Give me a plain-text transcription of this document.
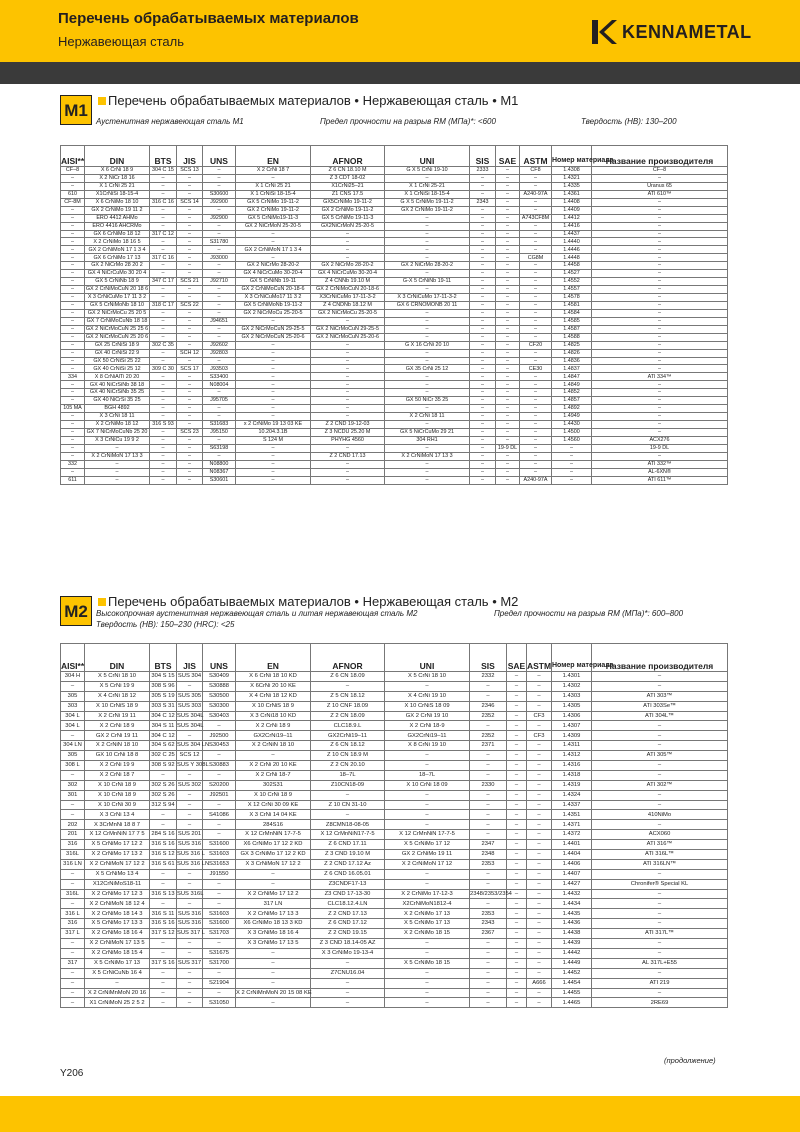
Перечень обрабатываемых материалов
Нержавеющая сталь	KENNAMETAL
M1
Перечень обрабатываемых материалов • Нержавеющая сталь • M1
Аустенитная нержавеющая сталь M1	Предел прочности на разрыв RM (МПа)*: <600	Твердость (HB): 130–200
AISI**	DIN	BTS	JIS	UNS	EN	AFNOR	UNI	SIS	SAE	ASTM	Номер материала	Название производителя
CF–8	X 6 CrNi 18 9	304 C 15	SCS 13	–	X 2 CrNi 18 7	Z 6 CN 18.10 M	G X 5 CrNi 19-10	2333	–	CF8	1.4308	CF–8
–	X 2 NiCr 18 16	–	–	–	–	Z 3 CDT 18-02	–	–	–	–	1.4321	–
–	X 1 CrNi 25 21	–	–	–	X 1 CrNi 25 21	X1CrNi25–21	X 1 CrNi 25-21	–	–	–	1.4335	Uranus 65
610	X1CrNiSi 18-15-4	–	–	S30600	X 1 CrNiSi 18-15-4	Z1 CNS 17.5	X 1 CrNiSi 18-15-4	–	–	A240-97A	1.4361	ATI 610™
CF-8M	X 6 CrNiMo 18 10	316 C 16	SCS 14	J92900	GX 5 CrNiMo 19-11-2	GX5CrNiMo 19-11-2	G X 5 CrNiMo 19-11-2	2343	–	–	1.4408	–
–	GX 2 CrNiMo 19 11 2	–	–	–	GX 2 CrNiMo 19-11-2	GX 2 CrNiMo 19-11-2	GX 2 CrNiMo 19-11-2	–	–	–	1.4409	–
–	ERO 4412 AHMo	–	–	J92900	GX 5 CrNiMo19-11-3	GX 5 CrNiMo 19-11-3	–	–	–	A743CF8M	1.4412	–
–	ERO 4416 AHCRMo	–	–	–	GX 2 NiCrMoN 25-20-5	GX2NiCrMoN 25-20-5	–	–	–	–	1.4416	–
–	GX 6 CrNiMo 18 12	317 C 12	–	–	–	–	–	–	–	–	1.4437	–
–	X 2 CrNiMo 18 16 5	–	–	S31780	–	–	–	–	–	–	1.4440	–
–	GX 2 CrNiMoN 17 1 3 4	–	–	–	GX 2 CrNiMoN 17 1 3 4	–	–	–	–	–	1.4446	–
–	GX 6 CrNiMo 17 13	317 C 16	–	J93000	–	–	–	–	–	CG8M	1.4448	–
–	GX 2 NiCrMo 28 20 2	–	–	–	GX 2 NiCrMo 28-20-2	GX 2 NiCrMo 28-20-2	GX 2 NiCrMo 28-20-2	–	–	–	1.4458	–
–	GX 4 NiCrCuMo 30 20 4	–	–	–	GX 4 NiCrCuMo 30-20-4	GX 4 NiCrCuMo 30-20-4	–	–	–	–	1.4527	–
–	GX 5 CrNiNb 18 9	347 C 17	SCS 21	J92710	GX 5 CrNiNb 19-11	Z 4 CNNb 19.10 M	G-X 5 CrNiNb 19-11	–	–	–	1.4552	–
–	GX 2 CrNiMoCuN 20 18 6	–	–	–	GX 2 CrNiMoCuN 20-18-6	GX 2 CrNiMoCuN 20-18-6	–	–	–	–	1.4557	–
–	X 3 CrNiCuMo 17 11 3 2	–	–	–	X 3 CrNiCuMo17 11 3 2	X3CrNiCuMo 17-11-3-2	X 3 CrNiCuMo 17-11-3-2	–	–	–	1.4578	–
–	GX 5 CrNiMoNb 18 10	318 C 17	SCS 22	–	GX 5 CrNiMoNb 19-11-2	Z 4 CNDNb 18.12 M	GX 6 CRNOMONB 20 11	–	–	–	1.4581	–
–	GX 2 NiCrMoCu 25 20 5	–	–	–	GX 2 NiCrMoCu 25-20-5	GX 2 NiCrMoCu 25-20-5	–	–	–	–	1.4584	–
–	GX 7 CrNiMoCuNb 18 18	–	–	J94651	–	–	–	–	–	–	1.4585	–
–	GX 2 NiCrMoCuN 25 25 6	–	–	–	GX 2 NiCrMoCuN 29-25-5	GX 2 NiCrMoCuN 29-25-5	–	–	–	–	1.4587	–
–	GX 2 NiCrMoCuN 25 20 6	–	–	–	GX 2 NiCrMoCuN 25-20-6	GX 2 NiCrMoCuN 25-20-6	–	–	–	–	1.4588	–
–	GX 25 CrNiSi 18 9	302 C 35	–	J92602	–	–	G X 16 CrNi 20 10	–	–	CF20	1.4825	–
–	GX 40 CrNiSi 22 9	–	SCH 12	J92803	–	–	–	–	–	–	1.4826	–
–	GX 50 CrNiSi 25 22	–	–	–	–	–	–	–	–	–	1.4836	–
–	GX 40 CrNiSi 25 12	309 C 30	SCS 17	J93503	–	–	GX 35 CrNi 25 12	–	–	CE30	1.4837	–
334	X 8 CrNiAlTi 20 20	–	–	S33400	–	–	–	–	–	–	1.4847	ATI 334™
–	GX 40 NiCrSiNb 38 18	–	–	N08004	–	–	–	–	–	–	1.4849	–
–	GX 40 NiCrSiNb 35 25	–	–	–	–	–	–	–	–	–	1.4852	–
–	GX 40 NiCrSi 35 25	–	–	J95705	–	–	GX 50 NiCr 35 25	–	–	–	1.4857	–
105 MA	BGH 4892	–	–	–	–	–	–	–	–	–	1.4892	–
–	X 3 CrNi 18 11	–	–	–	–	–	X 2 CrNi 18 11	–	–	–	1.4949	–
–	X 2 CrNiMo 18 12	316 S 93	–	S31683	x 2 CrNiMo 19 13 03 KE	Z 2 CND 19-12-03	–	–	–	–	1.4430	–
–	GX 7 NiCrMoCuNb 25 20	–	SCS 23	J95150	10.204.3.1B	Z 3 NCDU 25.20 M	GX 5 NiCrCuMo 29 21	–	–	–	1.4500	–
–	X 3 CrNiCu 19 9 2	–	–	–	S 124 M	PHYHG 4560	304 RH1	–	–	–	1.4560	ACX276
–	–	–	–	S63198	–	–	–	–	19-9 DL	–	–	19-9 DL
–	X 2 CrNiMoN 17 13 3	–	–	–	–	Z 2 CND 17.13	X 2 CrNiMoN 17 13 3	–	–	–	–	–
332	–	–	–	N08800	–	–	–	–	–	–	–	ATI 332™
–	–	–	–	N08367	–	–	–	–	–	–	–	AL-6XN®
611	–	–	–	S30601	–	–	–	–	–	A240-97A	–	ATI 611™
M2
Перечень обрабатываемых материалов • Нержавеющая сталь • M2
Высокопрочная аустенитная нержавеющая сталь и литая нержавеющая сталь M2	Предел прочности на разрыв RM (МПа)*: 600–800
Твердость (HB): 150–230 (HRC): <25
AISI**	DIN	BTS	JIS	UNS	EN	AFNOR	UNI	SIS	SAE	ASTM	Номер материала	Название производителя
304 H	X 5 CrNi 18 10	304 S 15	SUS 304	S30409	X 6 CrNi 18 10 KD	Z 6 CN 18.09	X 5 CrNi 18 10	2332	–	–	1.4301	–
–	X 5 CrNi 19 9	308 S 96	–	S30888	X 6CrNi 20 10 KE	–	–	–	–	–	1.4302	–
305	X 4 CrNi 18 12	305 S 19	SUS 305	S30500	X 4 CrNi 18 12 KD	Z 5 CN 18.12	X 4 CrNi 19 10	–	–	–	1.4303	ATI 303™
303	X 10 CrNiS 18 9	303 S 31	SUS 303	S30300	X 10 CrNiS 18 9	Z 10 CNF 18.09	X 10 CrNiS 18 09	2346	–	–	1.4305	ATI 303Se™
304 L	X 2 CrNi 19 11	304 C 12	SUS 304L	S30403	X 3 CrNi18 10 KD	Z 2 CN 18.09	GX 2 CrNi 19 10	2352	–	CF3	1.4306	ATI 304L™
304 L	X 2 CrNi 18 9	304 S 11	SUS 304L	–	X 2 CrNi 18 9	CLC18.9.L	X 2 CrNi 18-9	–	–	–	1.4307	–
–	GX 2 CrNi 19 11	304 C 12	–	J92500	GX2CrNi19–11	GX2CrNi19–11	GX2CrNi19–11	2352	–	CF3	1.4309	–
304 LN	X 2 CrNiN 18 10	304 S 62	SUS 304 LN	S30453	X 2 CrNiN 18 10	Z 6 CN 18.12	X 8 CrNi 19 10	2371	–	–	1.4311	–
305	GX 10 CrNi 18 8	302 C 25	SCS 12	–	–	Z 10 CN 18.9 M	–	–	–	–	1.4312	ATI 305™
308 L	X 2 CrNi 19 9	308 S 92	SUS Y 308L	S30883	X 2 CrNi 20 10 KE	Z 2 CN 20.10	–	–	–	–	1.4316	–
–	X 2 CrNi 18 7	–	–	–	X 2 CrNi 18-7	18–7L	18–7L	–	–	–	1.4318	–
302	X 10 CrNi 18 9	302 S 26	SUS 302	S20200	302S31	Z10CN18-09	X 10 CrNi 18 09	2330	–	–	1.4319	ATI 302™
301	X 10 CrNi 18 9	302 S 26	–	J92501	X 10 CrNi 18 9	–	–	–	–	–	1.4324	–
–	X 10 CrNi 30 9	312 S 94	–	–	X 12 CrNi 30 09 KE	Z 10 CN 31-10	–	–	–	–	1.4337	–
–	X 3 CrNi 13 4	–	–	S41086	X 3 CrNi 14 04 KE	–	–	–	–	–	1.4351	410NiMo
202	X 3CrMnNi 18 8 7	–	–	–	284S16	Z8CMN18-08-05	–	–	–	–	1.4371	–
201	X 12 CrMnNiN 17 7 5	284 S 16	SUS 201	–	X 12 CrMnNiN 17-7-5	X 12 CrMnNiN17-7-5	X 12 CrMnNiN 17-7-5	–	–	–	1.4372	ACX060
316	X 5 CrNiMo 17 12 2	316 S 16	SUS 316	S31600	X6 CrNiMo 17 12 2 KD	Z 6 CND 17.11	X 5 CrNiMo 17 12	2347	–	–	1.4401	ATI 316™
316L	X 2 CrNiMo 17 13 2	316 S 12	SUS 316 L	S31603	GX 3 CrNiMo 17 12 2 KD	Z 3 CND 19.10 M	GX 2 CrNiMo 19 11	2348	–	–	1.4404	ATI 316L™
316 LN	X 2 CrNiMoN 17 12 2	316 S 61	SUS 316 LN	S31653	X 3 CrNiMoN 17 12 2	Z 2 CND 17.12 Az	X 2 CrNiMoN 17 12	2353	–	–	1.4406	ATI 316LN™
–	X 5 CrNiMo 13 4	–	–	J91550	–	Z 6 CND 16.05.01	–	–	–	–	1.4407	–
–	X12CrNiMoS18-11	–	–	–	–	Z3CNDF17-13	–	–	–	–	1.4427	Chronifer® Special KL
316L	X 2 CrNiMo 17 12 3	316 S 13	SUS 316L	–	X 2 CrNiMo 17 12 2	Z3 CND 17-13-30	X 2 CrNiMo 17-12-3	2348/2353/2354	–	–	1.4432	–
–	X 2 CrNiMoN 18 12 4	–	–	–	317 LN	CLC18.12.4.LN	X2CrNiMoN1812-4	–	–	–	1.4434	–
316 L	X 2 CrNiMo 18 14 3	316 S 11	SUS 316	S31603	X 2 CrNiMo 17 13 3	Z 2 CND 17.13	X 2 CrNiMo 17 13	2353	–	–	1.4435	–
316	X 5 CrNiMo 17 13 3	316 S 16	SUS 316	S31600	X6 CrNiMo 18 13 3 KD	Z 6 CND 17.12	X 5 CrNiMo 17 13	2343	–	–	1.4436	–
317 L	X 2 CrNiMo 18 16 4	317 S 12	SUS 317 L	S31703	X 3 CrNiMo 18 16 4	Z 2 CND 19.15	X 2 CrNiMo 18 15	2367	–	–	1.4438	ATI 317L™
–	X 2 CrNiMoN 17 13 5	–	–	–	X 3 CrNiMo 17 13 5	Z 3 CND 18.14-05 AZ	–	–	–	–	1.4439	–
–	X 2 CrNiMo 18 15 4	–	–	S31675	–	X 3 CrNiMo 19-13-4	–	–	–	–	1.4442	–
317	X 5 CrNiMo 17 13	317 S 16	SUS 317	S31700	–	–	X 5 CrNiMo 18 15	–	–	–	1.4449	AL 317L+E55
–	X 5 CrNiCuNb 16 4	–	–	–	–	Z7CNU16.04	–	–	–	–	1.4452	–
–	–	–	–	S21904	–	–	–	–	–	A666	1.4454	ATI 219
–	X 2 CrNiMnMoN 20 16	–	–	–	X 2 CrNiMnMoN 20 15 08 KE	–	–	–	–	–	1.4455	–
–	X1 CrNiMoN 25 2 5 2	–	–	S31050	–	–	–	–	–	–	1.4465	2RE69
(продолжение)
Y206
